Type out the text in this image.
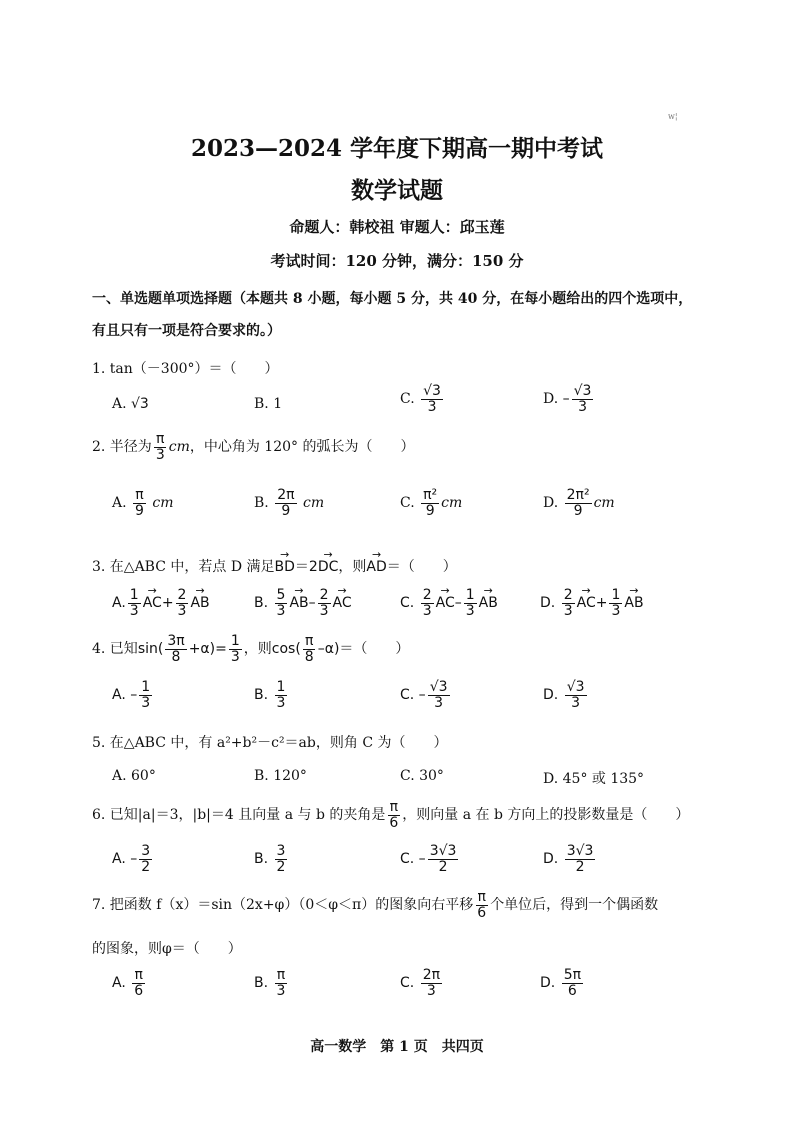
w¦
2023—2024 学年度下期高一期中考试
数学试题
命题人：韩校祖 审题人：邱玉莲
考试时间：120 分钟，满分：150 分
一、单选题单项选择题（本题共 8 小题，每小题 5 分，共 40 分，在每小题给出的四个选项中，
有且只有一项是符合要求的。）
1. tan（－300°）＝（　　）
A. √3	B. 1	C. $\frac{√3}{3}$	D. – $\frac{√3}{3}$
2. 半径为 $\frac{\pi}{3}$ cm，中心角为 120° 的弧长为（　　）
A. $\frac{\pi}{9}$ cm	B. $\frac{2\pi}{9}$ cm	C. $\frac{\text{π²}}{9}$ cm	D. $\frac{\text{2π²}}{9}$ cm
3. 在△ABC 中，若点 D 满足→ BD＝2→ DC，则→ AD＝（　　）
A. $\frac{1}{3}$
→ $AC+ \frac{2}{3}$
→ AB	B. $\frac{5}{3}$
→ $AB- \frac{2}{3}$
→ AC	C. $\frac{2}{3}$
→ $AC- \frac{1}{3}$
→ AB	D. $\frac{2}{3}$
→ $AC+ \frac{1}{3}$
→ AB
4. 已知$\sin( \frac{3\pi}{8} +\alpha)= \frac{1}{3}$ ，则$\cos( \frac{\pi}{8} -\alpha)=$（　　）
A. – $\frac{1}{3}$	B. $\frac{1}{3}$	C. – $\frac{√3}{3}$	D. $\frac{√3}{3}$
5. 在△ABC 中，有 a²+b²－c²＝ab，则角 C 为（　　）
A. 60°	B. 120°	C. 30°	D. 45° 或 135°
6. 已知|a|＝3，|b|＝4 且向量 a 与 b 的夹角是 $\frac{\pi}{6}$ ，则向量 a 在 b 方向上的投影数量是（　　）
A. – $\frac{3}{2}$	B. $\frac{3}{2}$	C. – $\frac{3√3}{2}$	D. $\frac{3√3}{2}$
7. 把函数 f（x）＝sin（2x+φ）（0＜φ＜π）的图象向右平移 $\frac{\pi}{6}$ 个单位后，得到一个偶函数
的图象，则φ＝（　　）
A. $\frac{\pi}{6}$	B. $\frac{\pi}{3}$	C. $\frac{2\pi}{3}$	D. $\frac{5\pi}{6}$
高一数学　第 1 页　共四页
